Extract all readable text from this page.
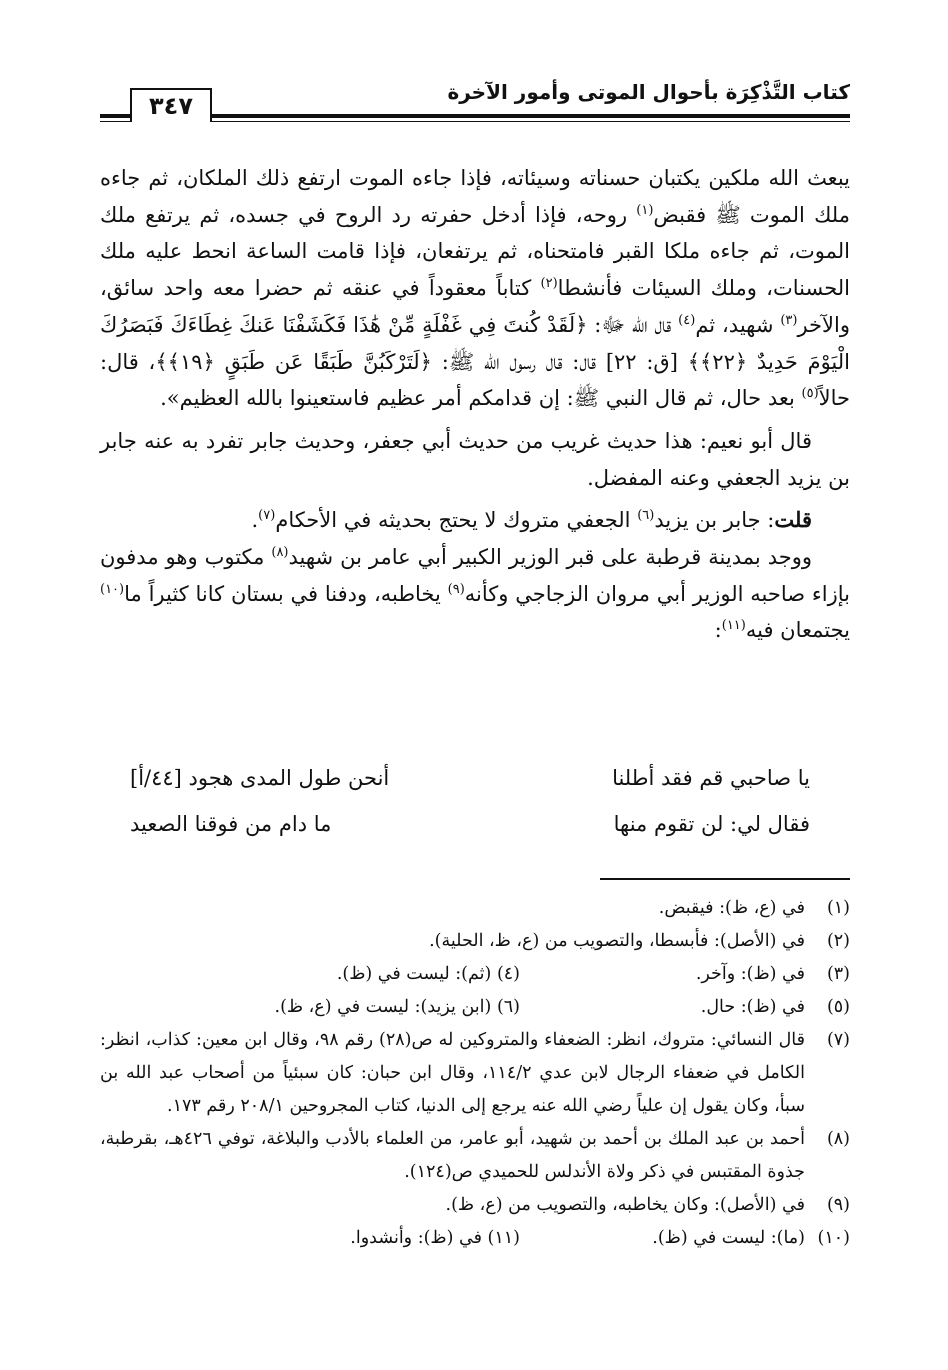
كتاب التَّذْكِرَة بأحوال الموتى وأمور الآخرة
٣٤٧

يبعث الله ملكين يكتبان حسناته وسيئاته، فإذا جاءه الموت ارتفع ذلك الملكان، ثم جاءه ملك الموت ﷺ فقبض$^{(١)}$ روحه، فإذا أدخل حفرته رد الروح في جسده، ثم يرتفع ملك الموت، ثم جاءه ملكا القبر فامتحناه، ثم يرتفعان، فإذا قامت الساعة انحط عليه ملك الحسنات، وملك السيئات فأنشطا$^{(٢)}$ كتاباً معقوداً في عنقه ثم حضرا معه واحد سائق، والآخر$^{(٣)}$ شهيد، ثم$^{(٤)}$ قال الله ﷻ: ﴿لَقَدْ كُنتَ فِي غَفْلَةٍ مِّنْ هَٰذَا فَكَشَفْنَا عَنكَ غِطَاءَكَ فَبَصَرُكَ الْيَوْمَ حَدِيدٌ ﴿٢٢﴾﴾ [ق: ٢٢] قال: قال رسول الله ﷺ: ﴿لَتَرْكَبُنَّ طَبَقًا عَن طَبَقٍ ﴿١٩﴾﴾، قال: حالاً$^{(٥)}$ بعد حال، ثم قال النبي ﷺ: إن قدامكم أمر عظيم فاستعينوا بالله العظيم».

قال أبو نعيم: هذا حديث غريب من حديث أبي جعفر، وحديث جابر تفرد به عنه جابر بن يزيد الجعفي وعنه المفضل.

قلت: جابر بن يزيد$^{(٦)}$ الجعفي متروك لا يحتج بحديثه في الأحكام$^{(٧)}$.

ووجد بمدينة قرطبة على قبر الوزير الكبير أبي عامر بن شهيد$^{(٨)}$ مكتوب وهو مدفون بإزاء صاحبه الوزير أبي مروان الزجاجي وكأنه$^{(٩)}$ يخاطبه، ودفنا في بستان كانا كثيراً ما$^{(١٠)}$ يجتمعان فيه$^{(١١)}$:

يا صاحبي قم فقد أطلنا
أنحن طول المدى هجود [٤٤/أ]
فقال لي: لن تقوم منها
ما دام من فوقنا الصعيد
(١)
في (ع، ظ): فيقبض.
(٢)
في (الأصل): فأبسطا، والتصويب من (ع، ظ، الحلية).
(٣)
في (ظ): وآخر.
(٤) (ثم): ليست في (ظ).
(٥)
في (ظ): حال.
(٦) (ابن يزيد): ليست في (ع، ظ).
(٧)
قال النسائي: متروك، انظر: الضعفاء والمتروكين له ص(٢٨) رقم ٩٨، وقال ابن معين: كذاب، انظر: الكامل في ضعفاء الرجال لابن عدي ١١٤/٢، وقال ابن حبان: كان سبئياً من أصحاب عبد الله بن سبأ، وكان يقول إن علياً رضي الله عنه يرجع إلى الدنيا، كتاب المجروحين ٢٠٨/١ رقم ١٧٣.
(٨)
أحمد بن عبد الملك بن أحمد بن شهيد، أبو عامر، من العلماء بالأدب والبلاغة، توفي ٤٢٦هـ، بقرطبة، جذوة المقتبس في ذكر ولاة الأندلس للحميدي ص(١٢٤).
(٩)
في (الأصل): وكان يخاطبه، والتصويب من (ع، ظ).
(١٠)
(ما): ليست في (ظ).
(١١) في (ظ): وأنشدوا.
